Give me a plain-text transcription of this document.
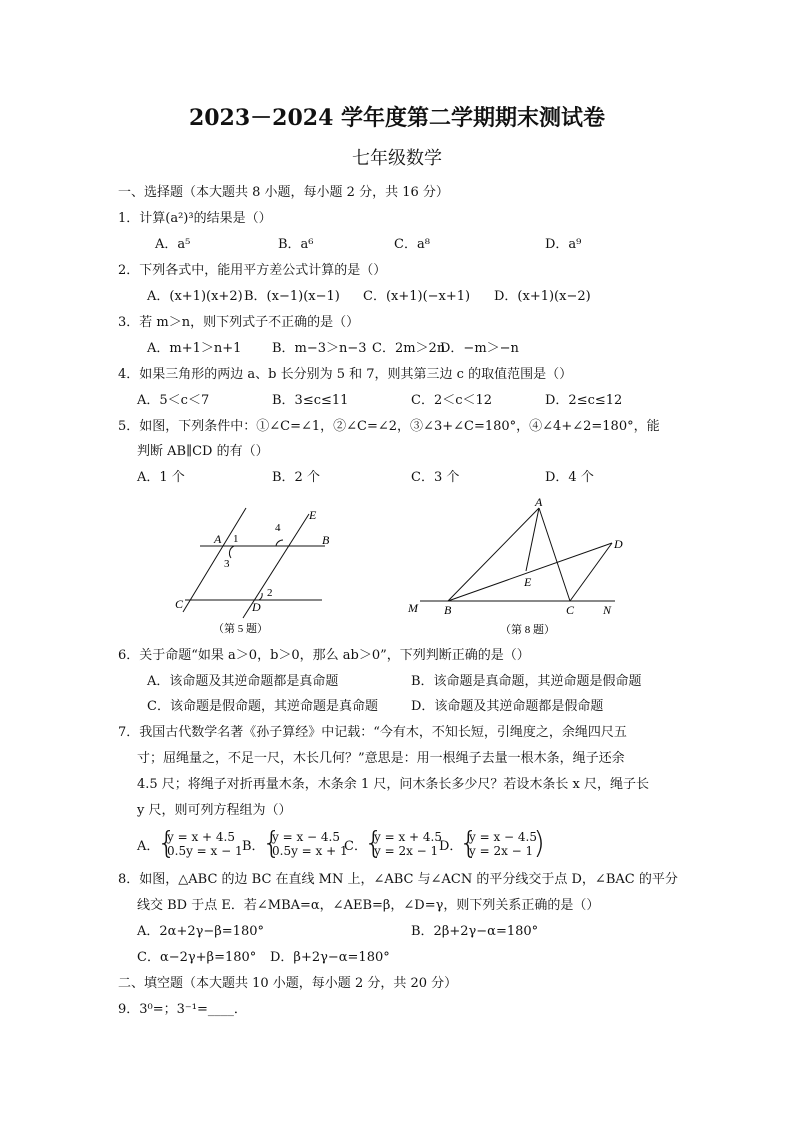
2023－2024 学年度第二学期期末测试卷
七年级数学
一、选择题（本大题共 8 小题，每小题 2 分，共 16 分）
1．计算(a²)³的结果是（）
A．a⁵	B．a⁶	C．a⁸	D．a⁹
2．下列各式中，能用平方差公式计算的是（）
A．(x+1)(x+2) B．(x−1)(x−1) C．(x+1)(−x+1) D．(x+1)(x−2)
3．若 m＞n，则下列式子不正确的是（）
A．m+1＞n+1 B．m−3＞n−3 C．2m＞2n
D．−m＞−n
4．如果三角形的两边 a、b 长分别为 5 和 7，则其第三边 c 的取值范围是（）
A．5＜c＜7	B．3≤c≤11	C．2＜c＜12	D．2≤c≤12
5．如图，下列条件中：①∠C=∠1，②∠C=∠2，③∠3+∠C=180°，④∠4+∠2=180°，能
判断 AB∥CD 的有（）
A．1 个	B．2 个	C．3 个	D．4 个
A 1
3
4
E
B
C
2
D
（第 5 题）
A
D
E
M B	C N
（第 8 题）
6．关于命题“如果 a＞0，b＞0，那么 ab＞0”，下列判断正确的是（）
A．该命题及其逆命题都是真命题	B．该命题是真命题，其逆命题是假命题
C．该命题是假命题，其逆命题是真命题	D．该命题及其逆命题都是假命题
7．我国古代数学名著《孙子算经》中记载：“今有木，不知长短，引绳度之，余绳四尺五
寸；屈绳量之，不足一尺，木长几何？”意思是：用一根绳子去量一根木条，绳子还余
4.5 尺；将绳子对折再量木条，木条余 1 尺，问木条长多少尺？若设木条长 x 尺，绳子长
y 尺，则可列方程组为（）
A．
{ y = x + 4.5
0.5y = x − 1 B．
{ y = x − 4.5
0.5y = x + 1
C．
{ y = x + 4.5
y = 2x − 1 D．
{ y = x − 4.5
y = 2x − 1 )
8．如图，△ABC 的边 BC 在直线 MN 上，∠ABC 与∠ACN 的平分线交于点 D，∠BAC 的平分
线交 BD 于点 E．若∠MBA=α，∠AEB=β，∠D=γ，则下列关系正确的是（）
A．2α+2γ−β=180°	B．2β+2γ−α=180°
C．α−2γ+β=180° D．β+2γ−α=180°
二、填空题（本大题共 10 小题，每小题 2 分，共 20 分）
9．3⁰=；3⁻¹=____．
